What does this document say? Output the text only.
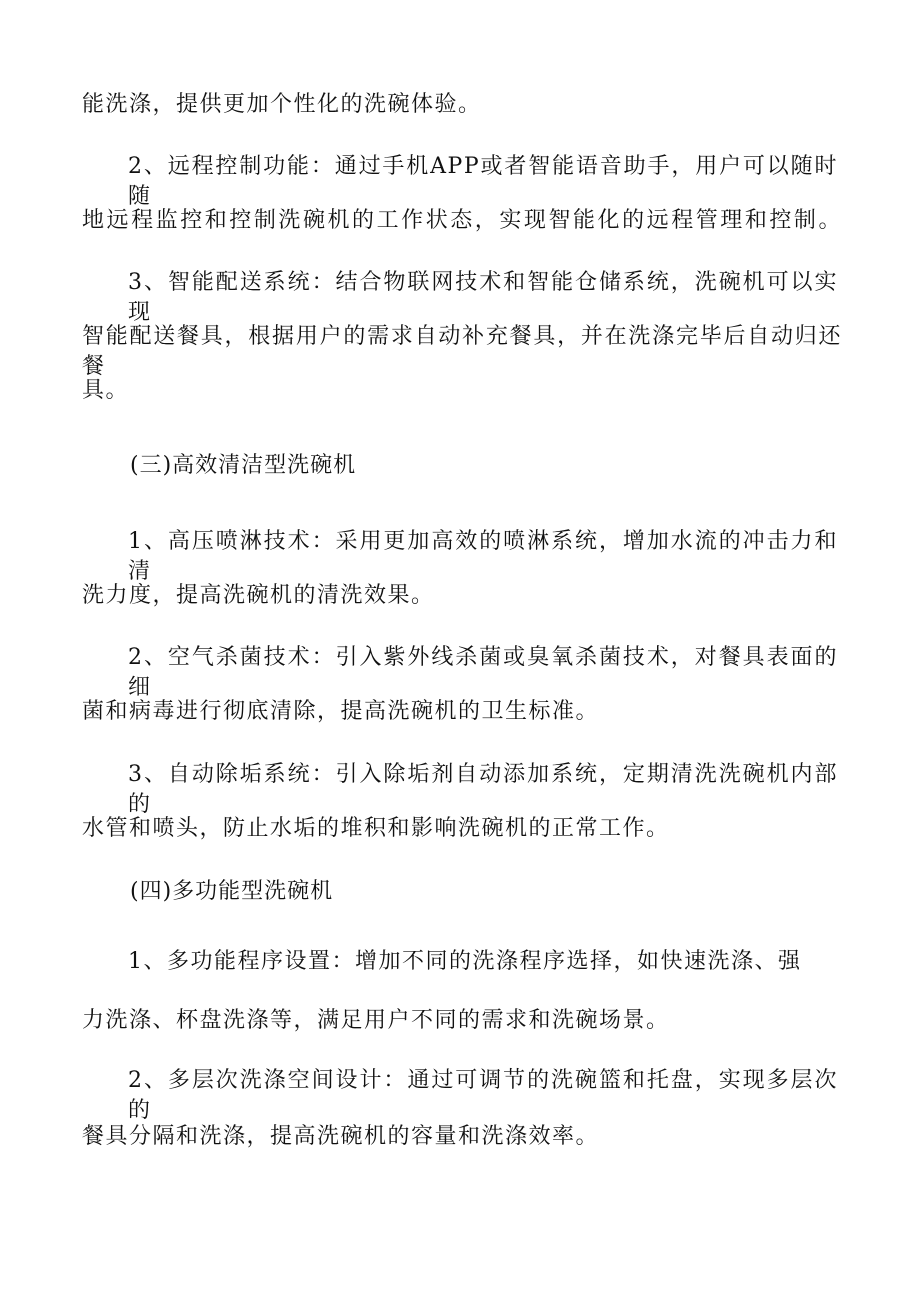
能洗涤，提供更加个性化的洗碗体验。
2、远程控制功能：通过手机APP或者智能语音助手，用户可以随时随
地远程监控和控制洗碗机的工作状态，实现智能化的远程管理和控制。
3、智能配送系统：结合物联网技术和智能仓储系统，洗碗机可以实现
智能配送餐具，根据用户的需求自动补充餐具，并在洗涤完毕后自动归还餐
具。
(三)高效清洁型洗碗机
1、高压喷淋技术：采用更加高效的喷淋系统，增加水流的冲击力和清
洗力度，提高洗碗机的清洗效果。
2、空气杀菌技术：引入紫外线杀菌或臭氧杀菌技术，对餐具表面的细
菌和病毒进行彻底清除，提高洗碗机的卫生标准。
3、自动除垢系统：引入除垢剂自动添加系统，定期清洗洗碗机内部的
水管和喷头，防止水垢的堆积和影响洗碗机的正常工作。
(四)多功能型洗碗机
1、多功能程序设置：增加不同的洗涤程序选择，如快速洗涤、强
力洗涤、杯盘洗涤等，满足用户不同的需求和洗碗场景。
2、多层次洗涤空间设计：通过可调节的洗碗篮和托盘，实现多层次的
餐具分隔和洗涤，提高洗碗机的容量和洗涤效率。
